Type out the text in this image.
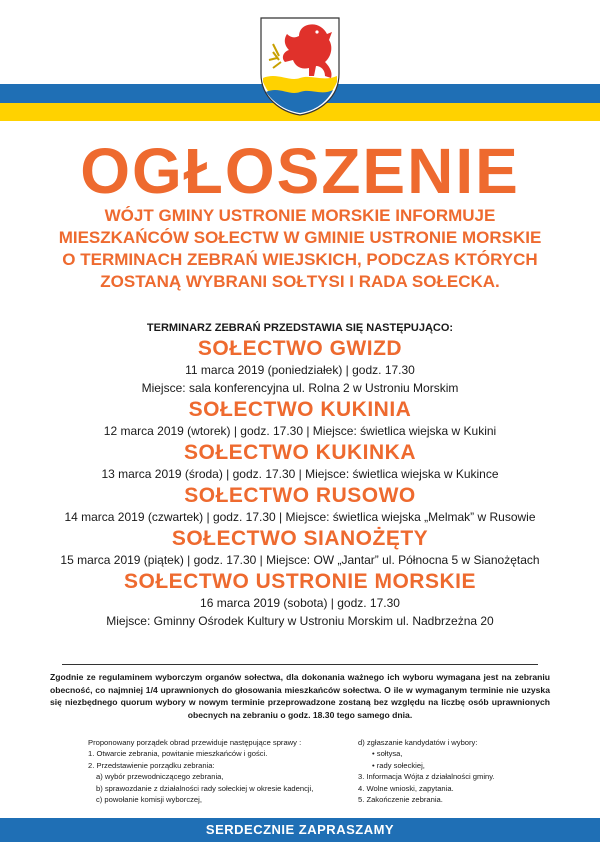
OGŁOSZENIE
WÓJT GMINY USTRONIE MORSKIE INFORMUJE
MIESZKAŃCÓW SOŁECTW W GMINIE USTRONIE MORSKIE
O TERMINACH ZEBRAŃ WIEJSKICH, PODCZAS KTÓRYCH
ZOSTANĄ WYBRANI SOŁTYSI I RADA SOŁECKA.
TERMINARZ ZEBRAŃ PRZEDSTAWIA SIĘ NASTĘPUJĄCO:
SOŁECTWO GWIZD
11 marca 2019 (poniedziałek) | godz. 17.30
Miejsce: sala konferencyjna ul. Rolna 2 w Ustroniu Morskim
SOŁECTWO KUKINIA
12 marca 2019 (wtorek) | godz. 17.30 | Miejsce: świetlica wiejska w Kukini
SOŁECTWO KUKINKA
13 marca 2019 (środa) | godz. 17.30 | Miejsce: świetlica wiejska w Kukince
SOŁECTWO RUSOWO
14 marca 2019 (czwartek) | godz. 17.30 | Miejsce: świetlica wiejska „Melmak” w Rusowie
SOŁECTWO SIANOŻĘTY
15 marca 2019 (piątek) | godz. 17.30 | Miejsce: OW „Jantar” ul. Północna 5 w Sianożętach
SOŁECTWO USTRONIE MORSKIE
16 marca 2019 (sobota) | godz. 17.30
Miejsce: Gminny Ośrodek Kultury w Ustroniu Morskim ul. Nadbrzeżna 20
Zgodnie ze regulaminem wyborczym organów sołectwa, dla dokonania ważnego ich wyboru wymagana jest na zebraniu obecność, co najmniej 1/4 uprawnionych do głosowania mieszkańców sołectwa. O ile w wymaganym terminie nie uzyska się niezbędnego quorum wybory w nowym terminie przeprowadzone zostaną bez względu na liczbę osób uprawnionych obecnych na zebraniu o godz. 18.30 tego samego dnia.
Proponowany porządek obrad przewiduje następujące sprawy :
1. Otwarcie zebrania, powitanie mieszkańców i gości.
2. Przedstawienie porządku zebrania:
a) wybór przewodniczącego zebrania,
b) sprawozdanie z działalności rady sołeckiej w okresie kadencji,
c) powołanie komisji wyborczej,
d) zgłaszanie kandydatów i wybory:
• sołtysa,
• rady sołeckiej,
3. Informacja Wójta z działalności gminy.
4. Wolne wnioski, zapytania.
5. Zakończenie zebrania.
SERDECZNIE ZAPRASZAMY
